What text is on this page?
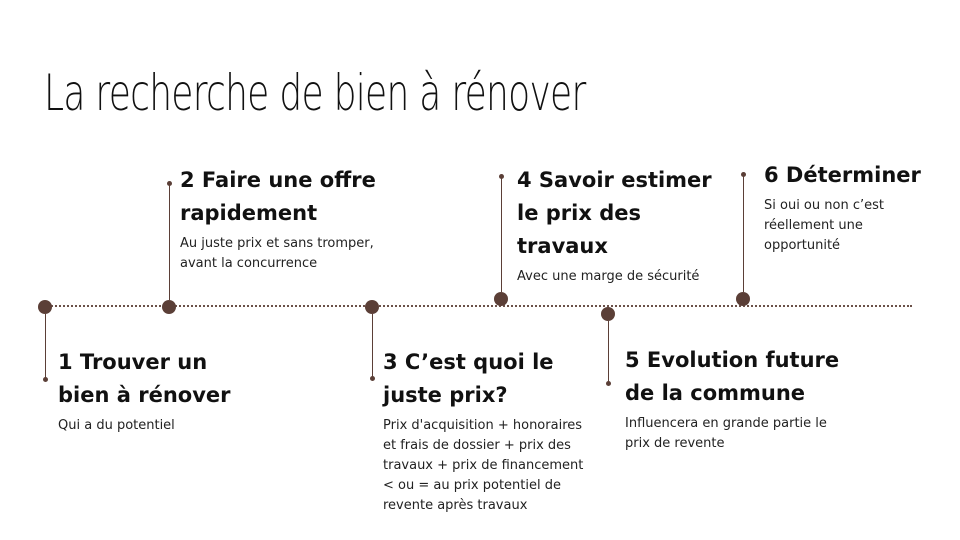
La recherche de bien à rénover
1 Trouver un bien à rénover

Qui a du potentiel

2 Faire une offre rapidement

Au juste prix et sans tromper, avant la concurrence

3 C’est quoi le juste prix?

Prix d'acquisition + honoraires et frais de dossier + prix des travaux + prix de financement < ou = au prix potentiel de revente après travaux

4 Savoir estimer le prix des travaux

Avec une marge de sécurité

5 Evolution future de la commune

Influencera en grande partie le prix de revente

6 Déterminer

Si oui ou non c’est réellement une opportunité
